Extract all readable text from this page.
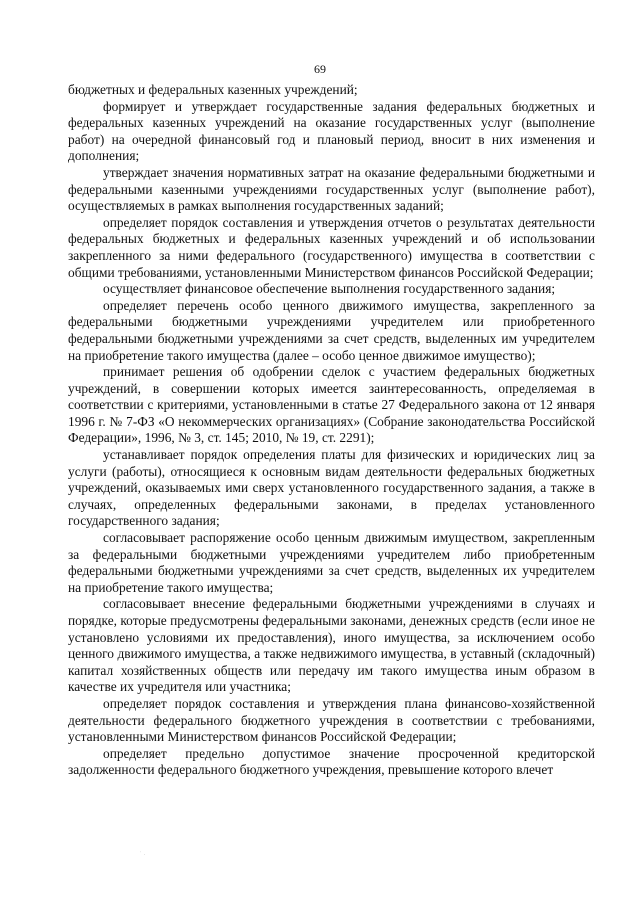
69

бюджетных и федеральных казенных учреждений;

формирует и утверждает государственные задания федеральных бюджетных и федеральных казенных учреждений на оказание государственных услуг (выполнение работ) на очередной финансовый год и плановый период, вносит в них изменения и дополнения;

утверждает значения нормативных затрат на оказание федеральными бюджетными и федеральными казенными учреждениями государственных услуг (выполнение работ), осуществляемых в рамках выполнения государственных заданий;

определяет порядок составления и утверждения отчетов о результатах деятельности федеральных бюджетных и федеральных казенных учреждений и об использовании закрепленного за ними федерального (государственного) имущества в соответствии с общими требованиями, установленными Министерством финансов Российской Федерации;

осуществляет финансовое обеспечение выполнения государственного задания;

определяет перечень особо ценного движимого имущества, закрепленного за федеральными бюджетными учреждениями учредителем или приобретенного федеральными бюджетными учреждениями за счет средств, выделенных им учредителем на приобретение такого имущества (далее – особо ценное движимое имущество);

принимает решения об одобрении сделок с участием федеральных бюджетных учреждений, в совершении которых имеется заинтересованность, определяемая в соответствии с критериями, установленными в статье 27 Федерального закона от 12 января 1996 г. № 7-ФЗ «О некоммерческих организациях» (Собрание законодательства Российской Федерации», 1996, № 3, ст. 145; 2010, № 19, ст. 2291);

устанавливает порядок определения платы для физических и юридических лиц за услуги (работы), относящиеся к основным видам деятельности федеральных бюджетных учреждений, оказываемых ими сверх установленного государственного задания, а также в случаях, определенных федеральными законами, в пределах установленного государственного задания;

согласовывает распоряжение особо ценным движимым имуществом, закрепленным за федеральными бюджетными учреждениями учредителем либо приобретенным федеральными бюджетными учреждениями за счет средств, выделенных их учредителем на приобретение такого имущества;

согласовывает внесение федеральными бюджетными учреждениями в случаях и порядке, которые предусмотрены федеральными законами, денежных средств (если иное не установлено условиями их предоставления), иного имущества, за исключением особо ценного движимого имущества, а также недвижимого имущества, в уставный (складочный) капитал хозяйственных обществ или передачу им такого имущества иным образом в качестве их учредителя или участника;

определяет порядок составления и утверждения плана финансово-хозяйственной деятельности федерального бюджетного учреждения в соответствии с требованиями, установленными Министерством финансов Российской Федерации;

определяет предельно допустимое значение просроченной кредиторской задолженности федерального бюджетного учреждения, превышение которого влечет

˙ ·
